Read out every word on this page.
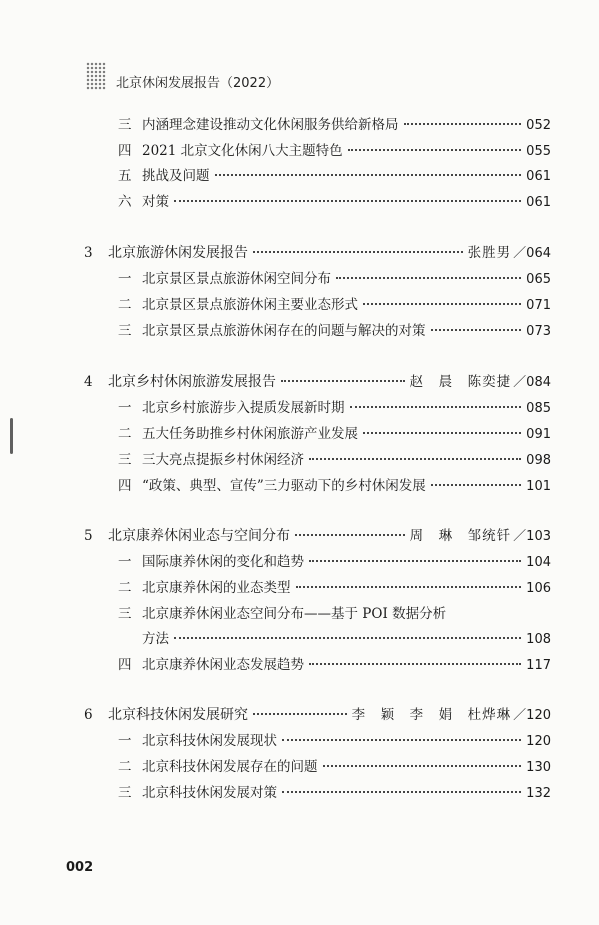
北京休闲发展报告（2022）
三 内涵理念建设推动文化休闲服务供给新格局	052
四 2021 北京文化休闲八大主题特色	055
五 挑战及问题	061
六 对策	061
3	北京旅游休闲发展报告	张胜男 ／064
一 北京景区景点旅游休闲空间分布	065
二 北京景区景点旅游休闲主要业态形式	071
三 北京景区景点旅游休闲存在的问题与解决的对策	073
4	北京乡村休闲旅游发展报告	赵　晨　陈奕捷 ／084
一 北京乡村旅游步入提质发展新时期	085
二 五大任务助推乡村休闲旅游产业发展	091
三 三大亮点提振乡村休闲经济	098
四 “政策、典型、宣传”三力驱动下的乡村休闲发展	101
5	北京康养休闲业态与空间分布	周　琳　邹统钎 ／103
一 国际康养休闲的变化和趋势	104
二 北京康养休闲的业态类型	106
三 北京康养休闲业态空间分布——基于 POI 数据分析
方法	108
四 北京康养休闲业态发展趋势	117
6	北京科技休闲发展研究	李　颖　李　娟　杜烨琳 ／120
一 北京科技休闲发展现状	120
二 北京科技休闲发展存在的问题	130
三 北京科技休闲发展对策	132
002
